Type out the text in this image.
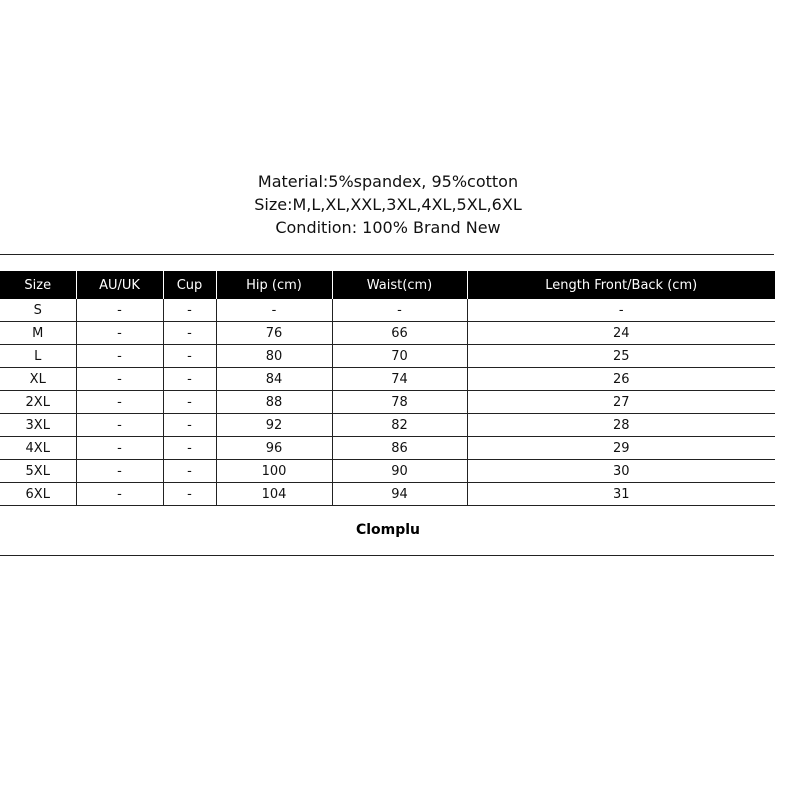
Material:5%spandex, 95%cotton
Size:M,L,XL,XXL,3XL,4XL,5XL,6XL
Condition: 100% Brand New
Size	AU/UK	Cup	Hip (cm)	Waist(cm)	Length Front/Back (cm)
S	-	-	-	-	-
M	-	-	76	66	24
L	-	-	80	70	25
XL	-	-	84	74	26
2XL	-	-	88	78	27
3XL	-	-	92	82	28
4XL	-	-	96	86	29
5XL	-	-	100	90	30
6XL	-	-	104	94	31
Clomplu
